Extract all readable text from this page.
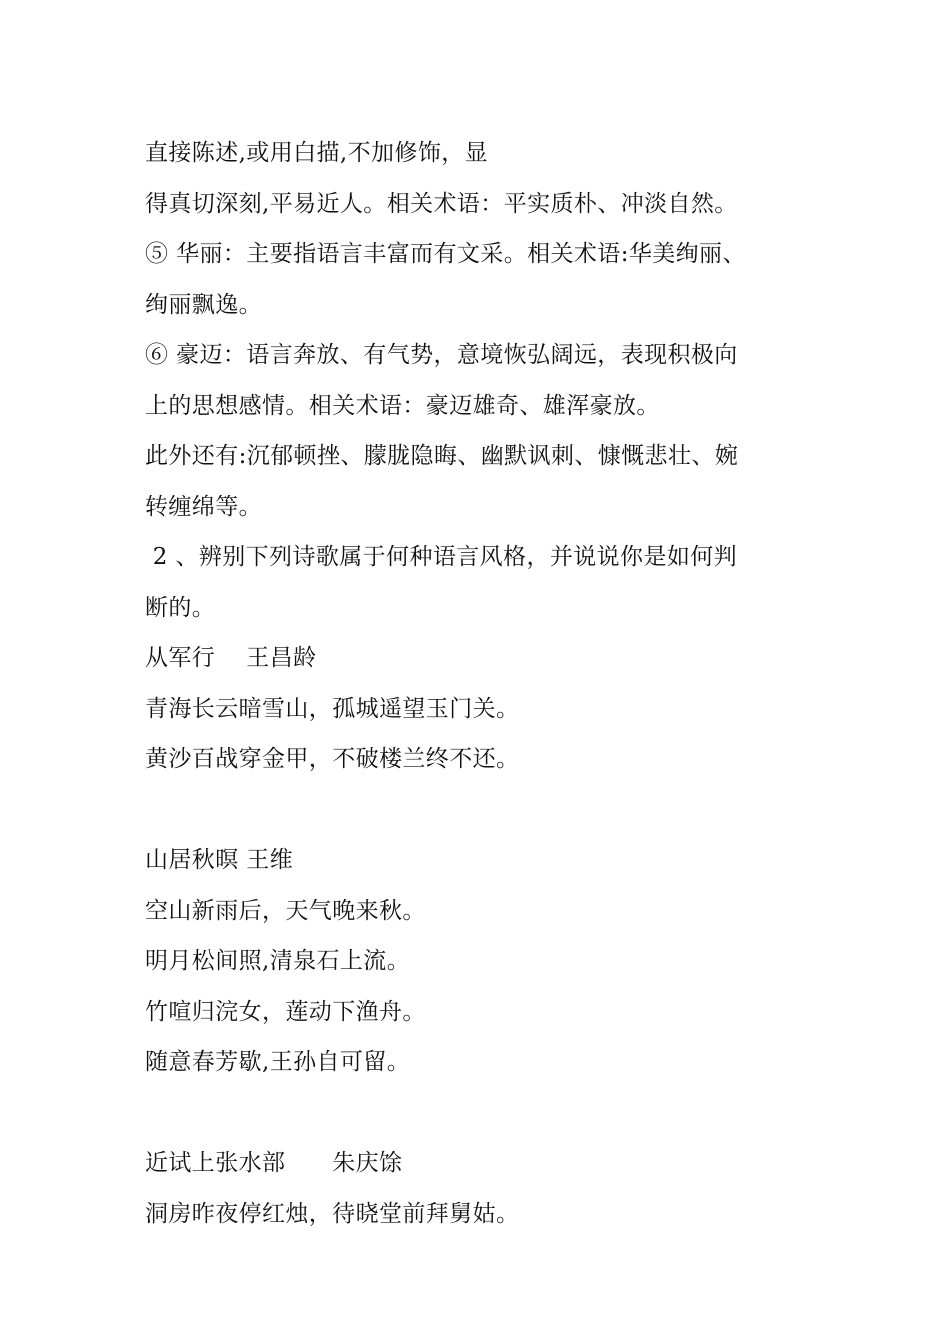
直接陈述,或用白描,不加修饰，显
得真切深刻,平易近人。相关术语：平实质朴、冲淡自然。
⑤ 华丽：主要指语言丰富而有文采。相关术语:华美绚丽、
绚丽飘逸。
⑥ 豪迈：语言奔放、有气势，意境恢弘阔远，表现积极向
上的思想感情。相关术语：豪迈雄奇、雄浑豪放。
此外还有:沉郁顿挫、朦胧隐晦、幽默讽刺、慷慨悲壮、婉
转缠绵等。
2 、辨别下列诗歌属于何种语言风格，并说说你是如何判
断的。
从军行　 王昌龄
青海长云暗雪山，孤城遥望玉门关。
黄沙百战穿金甲，不破楼兰终不还。
山居秋暝 王维
空山新雨后，天气晚来秋。
明月松间照,清泉石上流。
竹喧归浣女，莲动下渔舟。
随意春芳歇,王孙自可留。
近试上张水部　　朱庆馀
洞房昨夜停红烛，待晓堂前拜舅姑。
